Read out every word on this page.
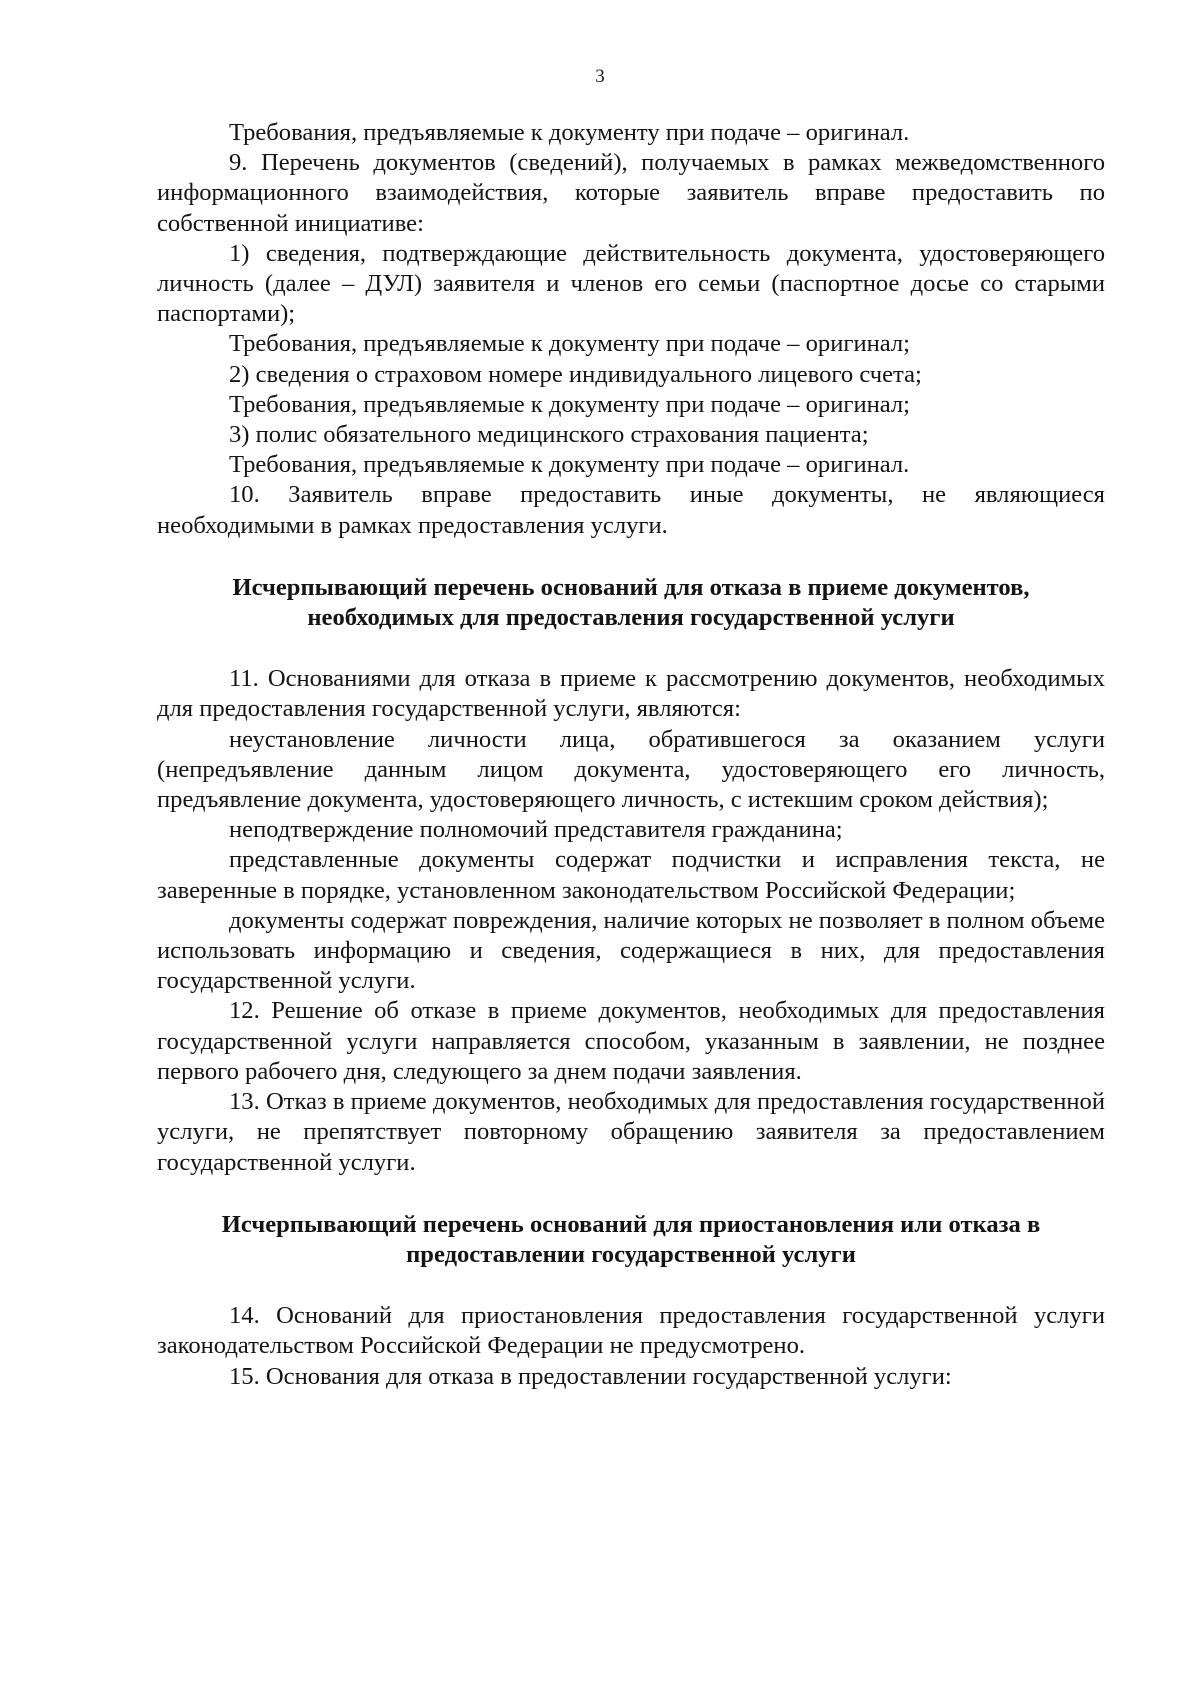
3

Требования, предъявляемые к документу при подаче – оригинал.

9. Перечень документов (сведений), получаемых в рамках межведомственного информационного взаимодействия, которые заявитель вправе предоставить по собственной инициативе:

1) сведения, подтверждающие действительность документа, удостоверяющего личность (далее – ДУЛ) заявителя и членов его семьи (паспортное досье со старыми паспортами);

Требования, предъявляемые к документу при подаче – оригинал;

2) сведения о страховом номере индивидуального лицевого счета;

Требования, предъявляемые к документу при подаче – оригинал;

3) полис обязательного медицинского страхования пациента;

Требования, предъявляемые к документу при подаче – оригинал.

10. Заявитель вправе предоставить иные документы, не являющиеся необходимыми в рамках предоставления услуги.

Исчерпывающий перечень оснований для отказа в приеме документов, необходимых для предоставления государственной услуги

11. Основаниями для отказа в приеме к рассмотрению документов, необходимых для предоставления государственной услуги, являются:

неустановление личности лица, обратившегося за оказанием услуги (непредъявление данным лицом документа, удостоверяющего его личность, предъявление документа, удостоверяющего личность, с истекшим сроком действия);

неподтверждение полномочий представителя гражданина;

представленные документы содержат подчистки и исправления текста, не заверенные в порядке, установленном законодательством Российской Федерации;

документы содержат повреждения, наличие которых не позволяет в полном объеме использовать информацию и сведения, содержащиеся в них, для предоставления государственной услуги.

12. Решение об отказе в приеме документов, необходимых для предоставления государственной услуги направляется способом, указанным в заявлении, не позднее первого рабочего дня, следующего за днем подачи заявления.

13. Отказ в приеме документов, необходимых для предоставления государственной услуги, не препятствует повторному обращению заявителя за предоставлением государственной услуги.

Исчерпывающий перечень оснований для приостановления или отказа в предоставлении государственной услуги

14. Оснований для приостановления предоставления государственной услуги законодательством Российской Федерации не предусмотрено.

15. Основания для отказа в предоставлении государственной услуги:
